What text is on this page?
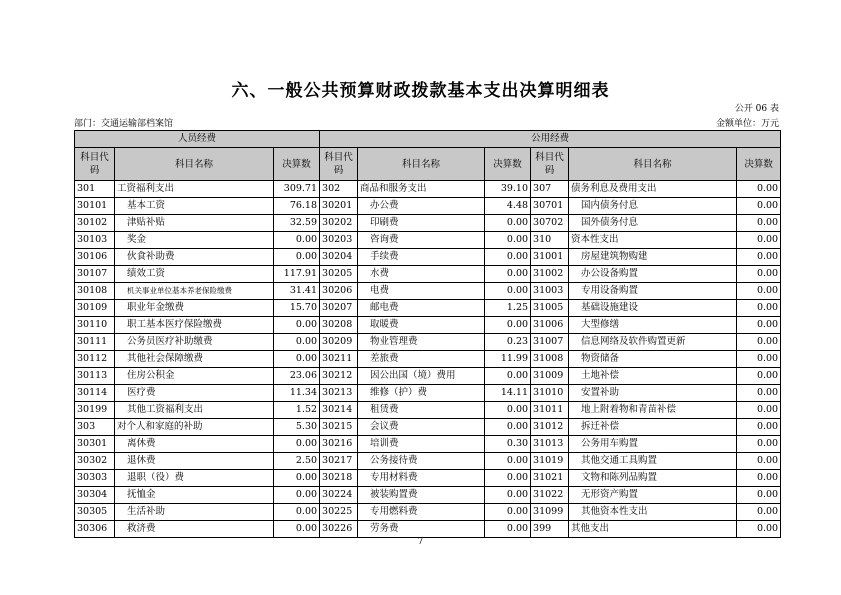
六、一般公共预算财政拨款基本支出决算明细表
公开 06 表
部门：交通运输部档案馆	金额单位：万元
人员经费			公用经费					
科目代码	科目名称	决算数	科目代码	科目名称	决算数	科目代码	科目名称	决算数
301	工资福利支出	309.71	302	商品和服务支出	39.10	307	债务利息及费用支出	0.00
30101	基本工资	76.18	30201	办公费	4.48	30701	国内债务付息	0.00
30102	津贴补贴	32.59	30202	印刷费	0.00	30702	国外债务付息	0.00
30103	奖金	0.00	30203	咨询费	0.00	310	资本性支出	0.00
30106	伙食补助费	0.00	30204	手续费	0.00	31001	房屋建筑物购建	0.00
30107	绩效工资	117.91	30205	水费	0.00	31002	办公设备购置	0.00
30108	机关事业单位基本养老保险缴费	31.41	30206	电费	0.00	31003	专用设备购置	0.00
30109	职业年金缴费	15.70	30207	邮电费	1.25	31005	基础设施建设	0.00
30110	职工基本医疗保险缴费	0.00	30208	取暖费	0.00	31006	大型修缮	0.00
30111	公务员医疗补助缴费	0.00	30209	物业管理费	0.23	31007	信息网络及软件购置更新	0.00
30112	其他社会保障缴费	0.00	30211	差旅费	11.99	31008	物资储备	0.00
30113	住房公积金	23.06	30212	因公出国（境）费用	0.00	31009	土地补偿	0.00
30114	医疗费	11.34	30213	维修（护）费	14.11	31010	安置补助	0.00
30199	其他工资福利支出	1.52	30214	租赁费	0.00	31011	地上附着物和青苗补偿	0.00
303	对个人和家庭的补助	5.30	30215	会议费	0.00	31012	拆迁补偿	0.00
30301	离休费	0.00	30216	培训费	0.30	31013	公务用车购置	0.00
30302	退休费	2.50	30217	公务接待费	0.00	31019	其他交通工具购置	0.00
30303	退职（役）费	0.00	30218	专用材料费	0.00	31021	文物和陈列品购置	0.00
30304	抚恤金	0.00	30224	被装购置费	0.00	31022	无形资产购置	0.00
30305	生活补助	0.00	30225	专用燃料费	0.00	31099	其他资本性支出	0.00
30306	救济费	0.00	30226	劳务费	0.00	399	其他支出	0.00
7
